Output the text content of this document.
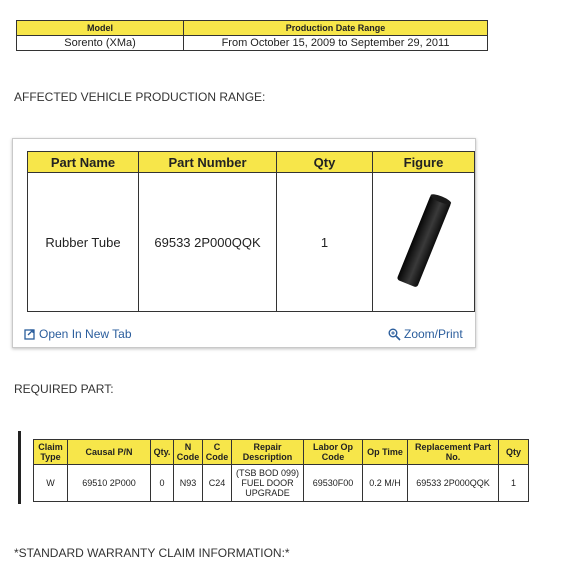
Model	Production Date Range
Sorento (XMa)	From October 15, 2009 to September 29, 2011
AFFECTED VEHICLE PRODUCTION RANGE:
Part Name	Part Number	Qty	Figure
Rubber Tube	69533 2P000QQK	1	
Open In New Tab	Zoom/Print
REQUIRED PART:
Claim Type	Causal P/N	Qty.	N Code	C Code	Repair Description	Labor Op Code	Op Time	Replacement Part No.	Qty
W	69510 2P000	0	N93	C24	(TSB BOD 099) FUEL DOOR UPGRADE	69530F00	0.2 M/H	69533 2P000QQK	1
*STANDARD WARRANTY CLAIM INFORMATION:*
